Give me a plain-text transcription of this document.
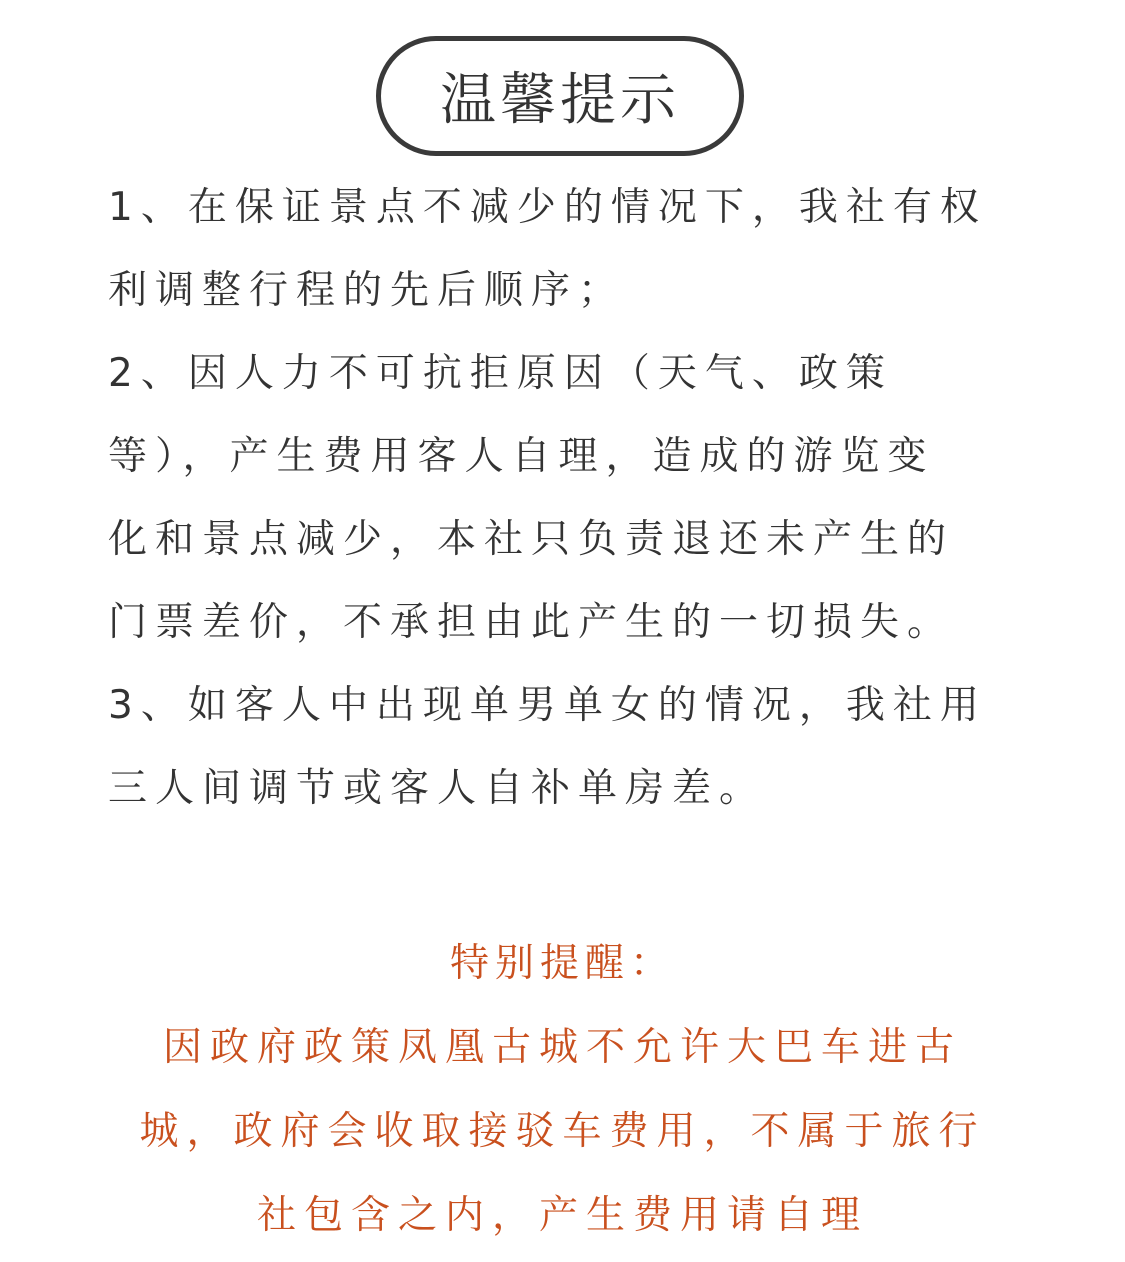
温馨提示
1、在保证景点不减少的情况下，我社有权
利调整行程的先后顺序；
2、因人力不可抗拒原因（天气、政策
等），产生费用客人自理，造成的游览变
化和景点减少，本社只负责退还未产生的
门票差价，不承担由此产生的一切损失。
3、如客人中出现单男单女的情况，我社用
三人间调节或客人自补单房差。
特别提醒：
因政府政策凤凰古城不允许大巴车进古
城，政府会收取接驳车费用，不属于旅行
社包含之内，产生费用请自理
